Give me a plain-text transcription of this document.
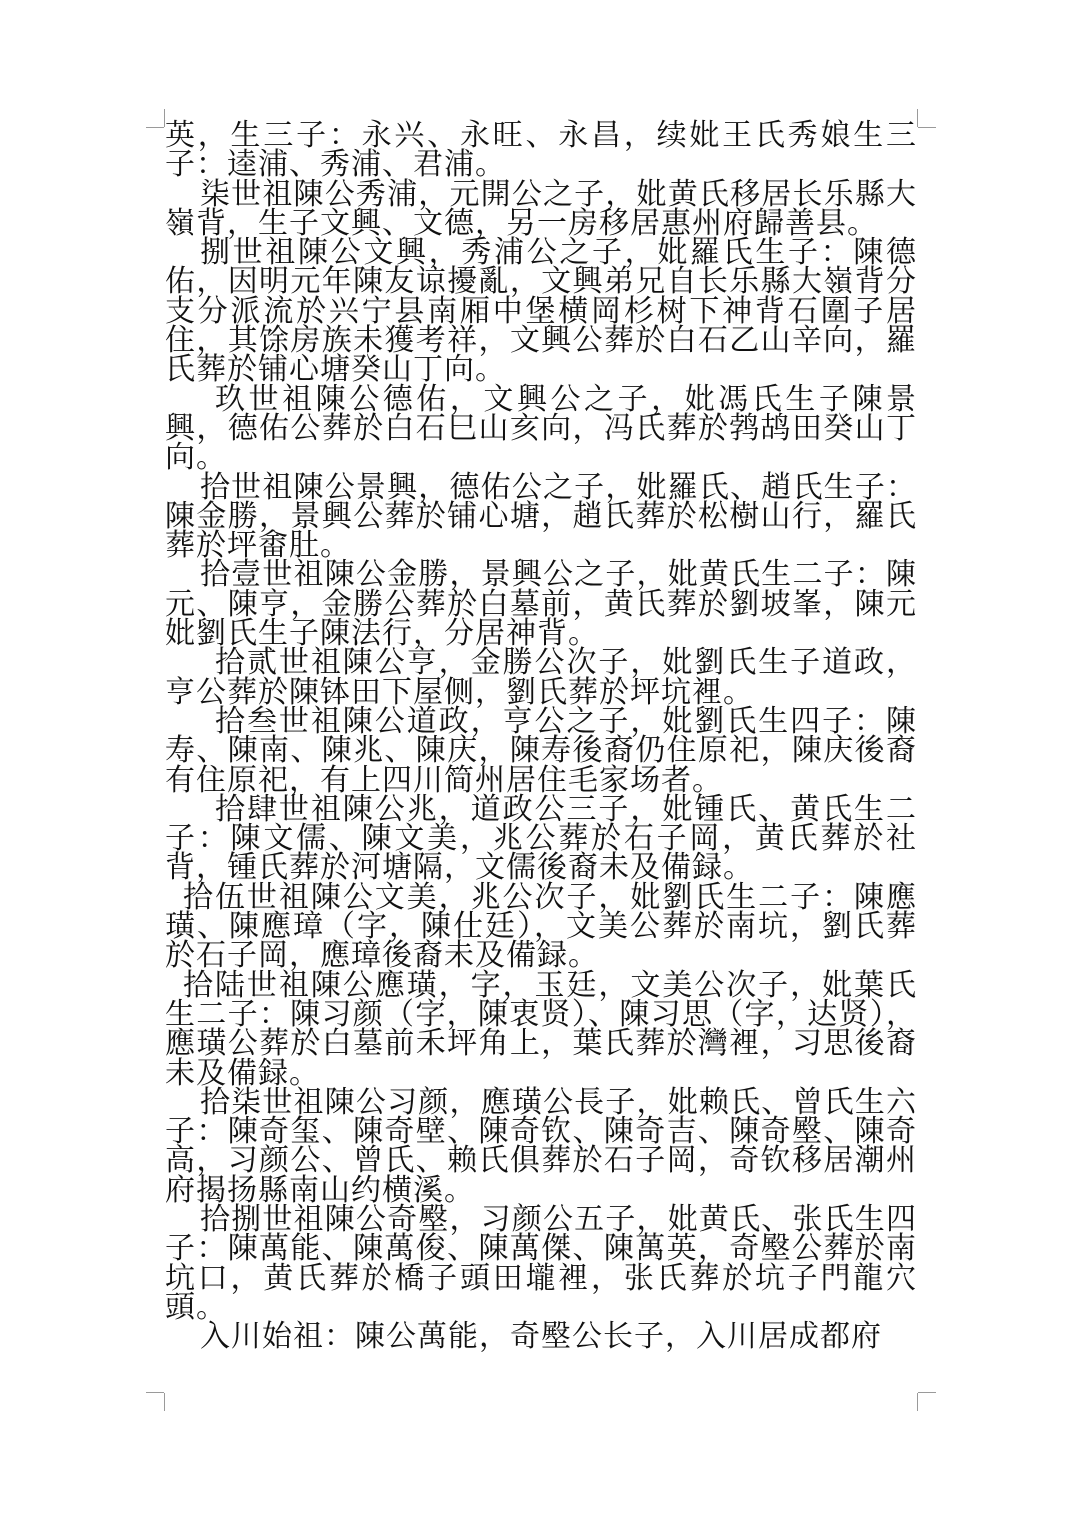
英，生三子：永兴、永旺、永昌，续妣王氏秀娘生三子：逵浦、秀浦、君浦。

柒世祖陳公秀浦，元開公之子，妣黄氏移居长乐縣大嶺背，生子文興、文德，另一房移居惠州府歸善县。

捌世祖陳公文興，秀浦公之子，妣羅氏生子：陳德佑，因明元年陳友谅擾亂，文興弟兄自长乐縣大嶺背分支分派流於兴宁县南厢中堡横岡杉树下神背石圍子居住，其馀房族未獲考祥，文興公葬於白石乙山辛向，羅氏葬於铺心塘癸山丁向。

玖世祖陳公德佑，文興公之子，妣馮氏生子陳景興，德佑公葬於白石巳山亥向，冯氏葬於鹁鸪田癸山丁向。

拾世祖陳公景興，德佑公之子，妣羅氏、趙氏生子：陳金勝，景興公葬於铺心塘，趙氏葬於松樹山行，羅氏葬於坪畬肚。

拾壹世祖陳公金勝，景興公之子，妣黄氏生二子：陳元、陳亨，金勝公葬於白墓前，黄氏葬於劉坡峯，陳元妣劉氏生子陳法行，分居神背。

拾贰世祖陳公亨，金勝公次子，妣劉氏生子道政，亨公葬於陳钵田下屋侧，劉氏葬於坪坑裡。

拾叁世祖陳公道政，亨公之子，妣劉氏生四子：陳寿、陳南、陳兆、陳庆，陳寿後裔仍住原祀，陳庆後裔有住原祀，有上四川简州居住毛家场者。

拾肆世祖陳公兆，道政公三子，妣锺氏、黄氏生二子：陳文儒、陳文美，兆公葬於石子岡，黄氏葬於社背，锺氏葬於河塘隔，文儒後裔未及備録。

拾伍世祖陳公文美，兆公次子，妣劉氏生二子：陳應璜、陳應璋（字，陳仕廷），文美公葬於南坑，劉氏葬於石子岡，應璋後裔未及備録。

拾陆世祖陳公應璜，字，玉廷，文美公次子，妣葉氏生二子：陳习颜（字，陳衷贤）、陳习思（字，达贤），應璜公葬於白墓前禾坪角上，葉氏葬於灣裡，习思後裔未及備録。

拾柒世祖陳公习颜，應璜公長子，妣赖氏、曾氏生六子：陳奇玺、陳奇壁、陳奇钦、陳奇吉、陳奇壂、陳奇高，习颜公、曾氏、赖氏俱葬於石子岡，奇钦移居潮州府揭扬縣南山约横溪。

拾捌世祖陳公奇壂，习颜公五子，妣黄氏、张氏生四子：陳萬能、陳萬俊、陳萬傑、陳萬英，奇壂公葬於南坑口，黄氏葬於橋子頭田壠裡，张氏葬於坑子門龍穴頭。

入川始祖：陳公萬能，奇壂公长子，入川居成都府
